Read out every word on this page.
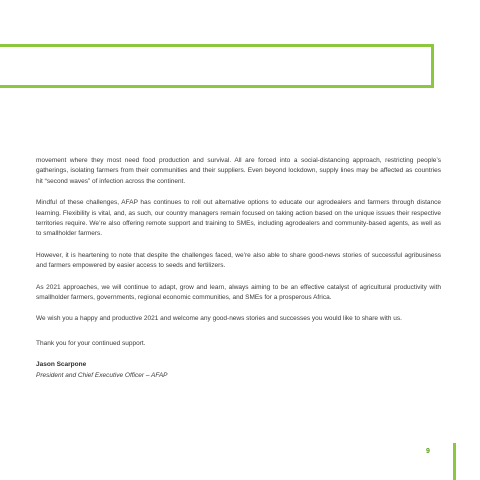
movement where they most need food production and survival. All are forced into a social-distancing approach, restricting people’s gatherings, isolating farmers from their communities and their suppliers. Even beyond lockdown, supply lines may be affected as countries hit “second waves” of infection across the continent.

Mindful of these challenges, AFAP has continues to roll out alternative options to educate our agrodealers and farmers through distance learning. Flexibility is vital, and, as such, our country managers remain focused on taking action based on the unique issues their respective territories require. We’re also offering remote support and training to SMEs, including agrodealers and community-based agents, as well as to smallholder farmers.

However, it is heartening to note that despite the challenges faced, we’re also able to share good-news stories of successful agribusiness and farmers empowered by easier access to seeds and fertilizers.

As 2021 approaches, we will continue to adapt, grow and learn, always aiming to be an effective catalyst of agricultural productivity with smallholder farmers, governments, regional economic communities, and SMEs for a prosperous Africa.

We wish you a happy and productive 2021 and welcome any good-news stories and successes you would like to share with us.

Thank you for your continued support.

Jason Scarpone

President and Chief Executive Officer – AFAP

9
